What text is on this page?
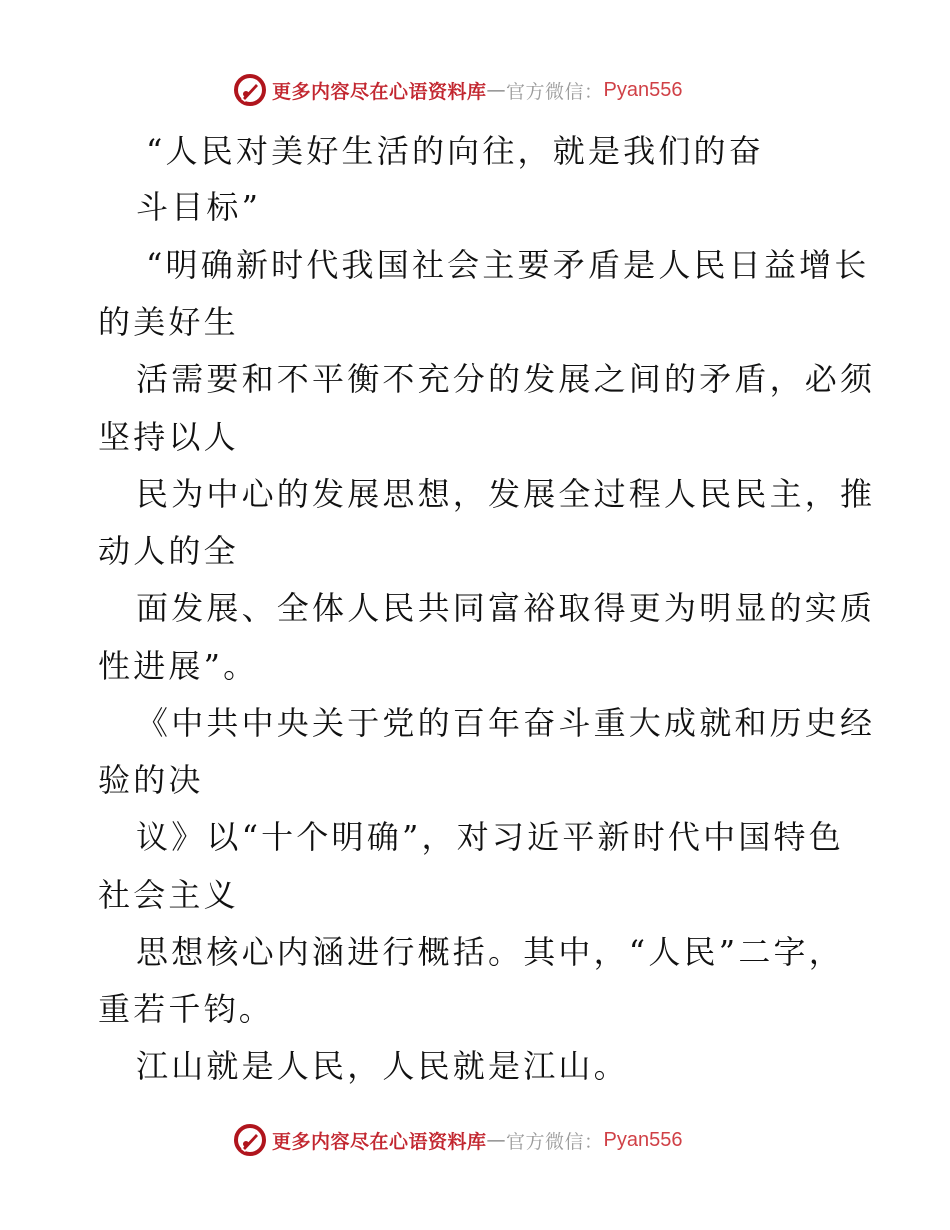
更多内容尽在心语资料库 — 官方微信： Pyan556

“人民对美好生活的向往，就是我们的奋

斗目标”

“明确新时代我国社会主要矛盾是人民日益增长

的美好生

活需要和不平衡不充分的发展之间的矛盾，必须

坚持以人

民为中心的发展思想，发展全过程人民民主，推

动人的全

面发展、全体人民共同富裕取得更为明显的实质

性进展”。

《中共中央关于党的百年奋斗重大成就和历史经

验的决

议》以“十个明确”，对习近平新时代中国特色

社会主义

思想核心内涵进行概括。其中，“人民”二字，

重若千钧。

江山就是人民，人民就是江山。

更多内容尽在心语资料库 — 官方微信： Pyan556
